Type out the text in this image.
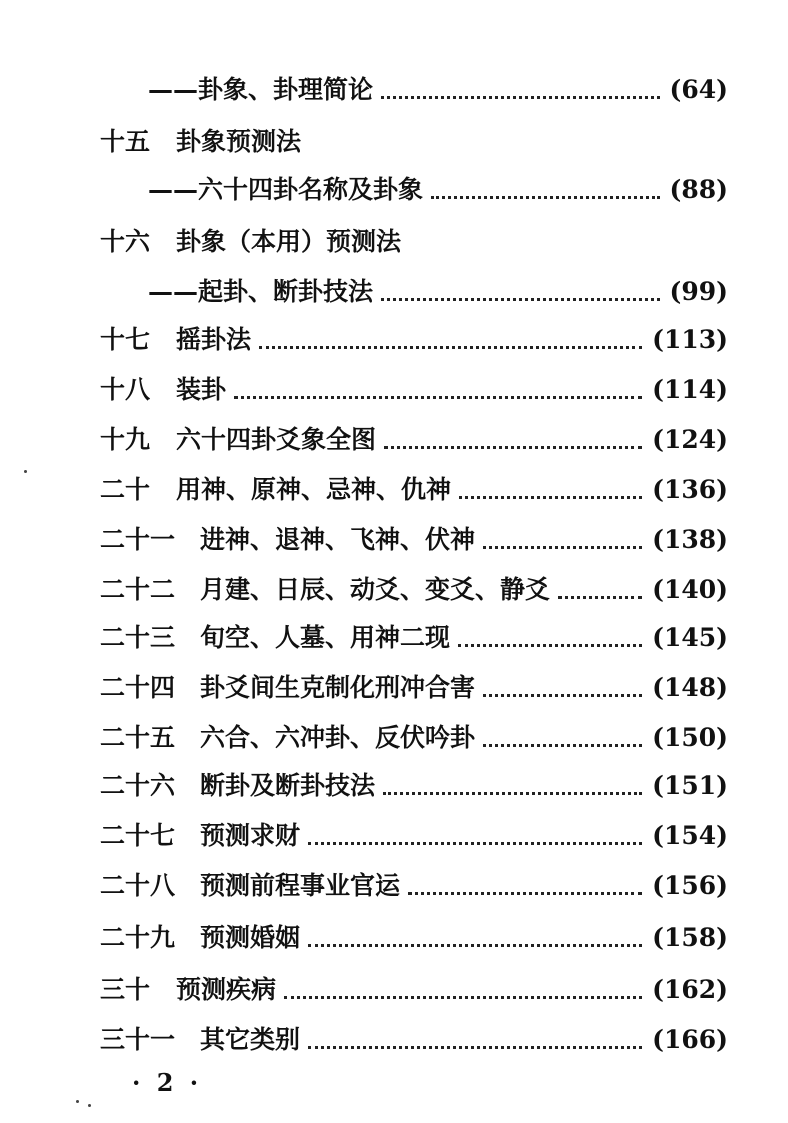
——卦象、卦理简论	(64)
十五	卦象预测法
——六十四卦名称及卦象	(88)
十六	卦象（本用）预测法
——起卦、断卦技法	(99)
十七	摇卦法	(113)
十八	装卦	(114)
十九	六十四卦爻象全图	(124)
二十	用神、原神、忌神、仇神	(136)
二十一 进神、退神、飞神、伏神	(138)
二十二 月建、日辰、动爻、变爻、静爻	(140)
二十三 旬空、人墓、用神二现	(145)
二十四 卦爻间生克制化刑冲合害	(148)
二十五 六合、六冲卦、反伏吟卦	(150)
二十六 断卦及断卦技法	(151)
二十七 预测求财	(154)
二十八 预测前程事业官运	(156)
二十九 预测婚姻	(158)
三十	预测疾病	(162)
三十一 其它类别	(166)
· 2 ·
